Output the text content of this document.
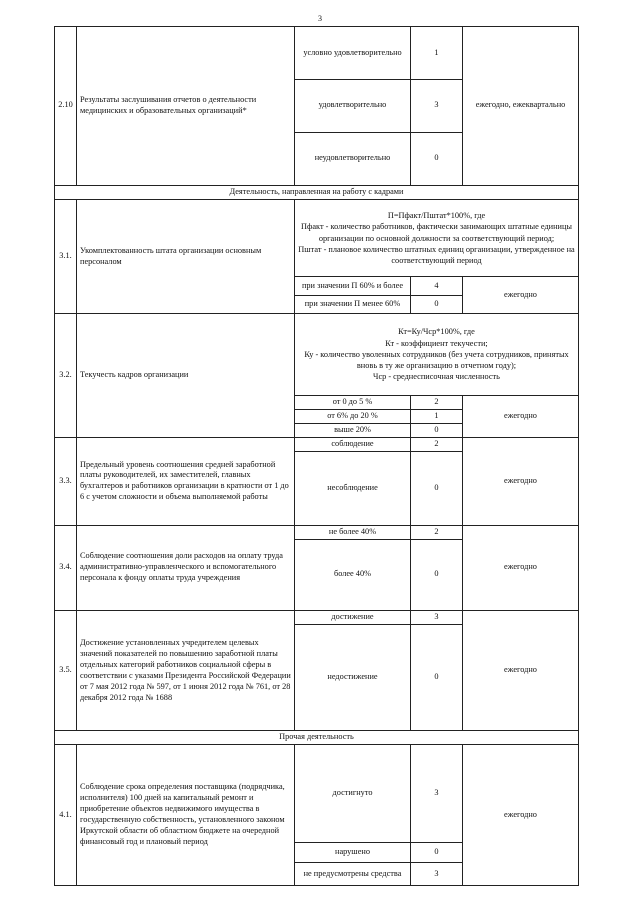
3
2.10	Результаты заслушивания отчетов о деятельности медицинских и образовательных организаций*	условно удовлетворительно	1	ежегодно, ежеквартально
		удовлетворительно	3	
		неудовлетворительно	0	
Деятельность, направленная на работу с кадрами				
3.1.	Укомплектованность штата организации основным персоналом	П=Пфакт/Пштат*100%, где
Пфакт - количество работников, фактически занимающих штатные единицы организации по основной должности за соответствующий период;
Пштат - плановое количество штатных единиц организации, утвержденное на соответствующий период		

		при значении П 60% и более	4	ежегодно
		при значении П менее 60%	0	
3.2.	Текучесть кадров организации	Кт=Ку/Чср*100%, где
Кт - коэффициент текучести;
Ку - количество уволенных сотрудников (без учета сотрудников, принятых вновь в ту же организацию в отчетном году);
Чср - среднесписочная численность		

		от 0 до 5 %	2	ежегодно
		от 6% до 20 %	1	
		выше 20%	0	
3.3.	Предельный уровень соотношения средней заработной платы руководителей, их заместителей, главных бухгалтеров и работников организации в кратности от 1 до 6 с учетом сложности и объема выполняемой работы	соблюдение	2	ежегодно
		несоблюдение	0	
3.4.	Соблюдение соотношения доли расходов на оплату труда административно-управленческого и вспомогательного персонала к фонду оплаты труда учреждения	не более 40%	2	ежегодно
		более 40%	0	
3.5.	Достижение установленных учредителем целевых значений показателей по повышению заработной платы отдельных категорий работников социальной сферы в соответствии с указами Президента Российской Федерации от 7 мая 2012 года № 597, от 1 июня 2012 года № 761, от 28 декабря 2012 года № 1688	достижение	3	ежегодно
		недостижение	0	
Прочая деятельность				
4.1.	Соблюдение срока определения поставщика (подрядчика, исполнителя) 100 дней на капитальный ремонт и приобретение объектов недвижимого имущества в государственную собственность, установленного законом Иркутской области об областном бюджете на очередной финансовый год и плановый период	достигнуто	3	ежегодно
		нарушено	0	
		не предусмотрены средства	3	
